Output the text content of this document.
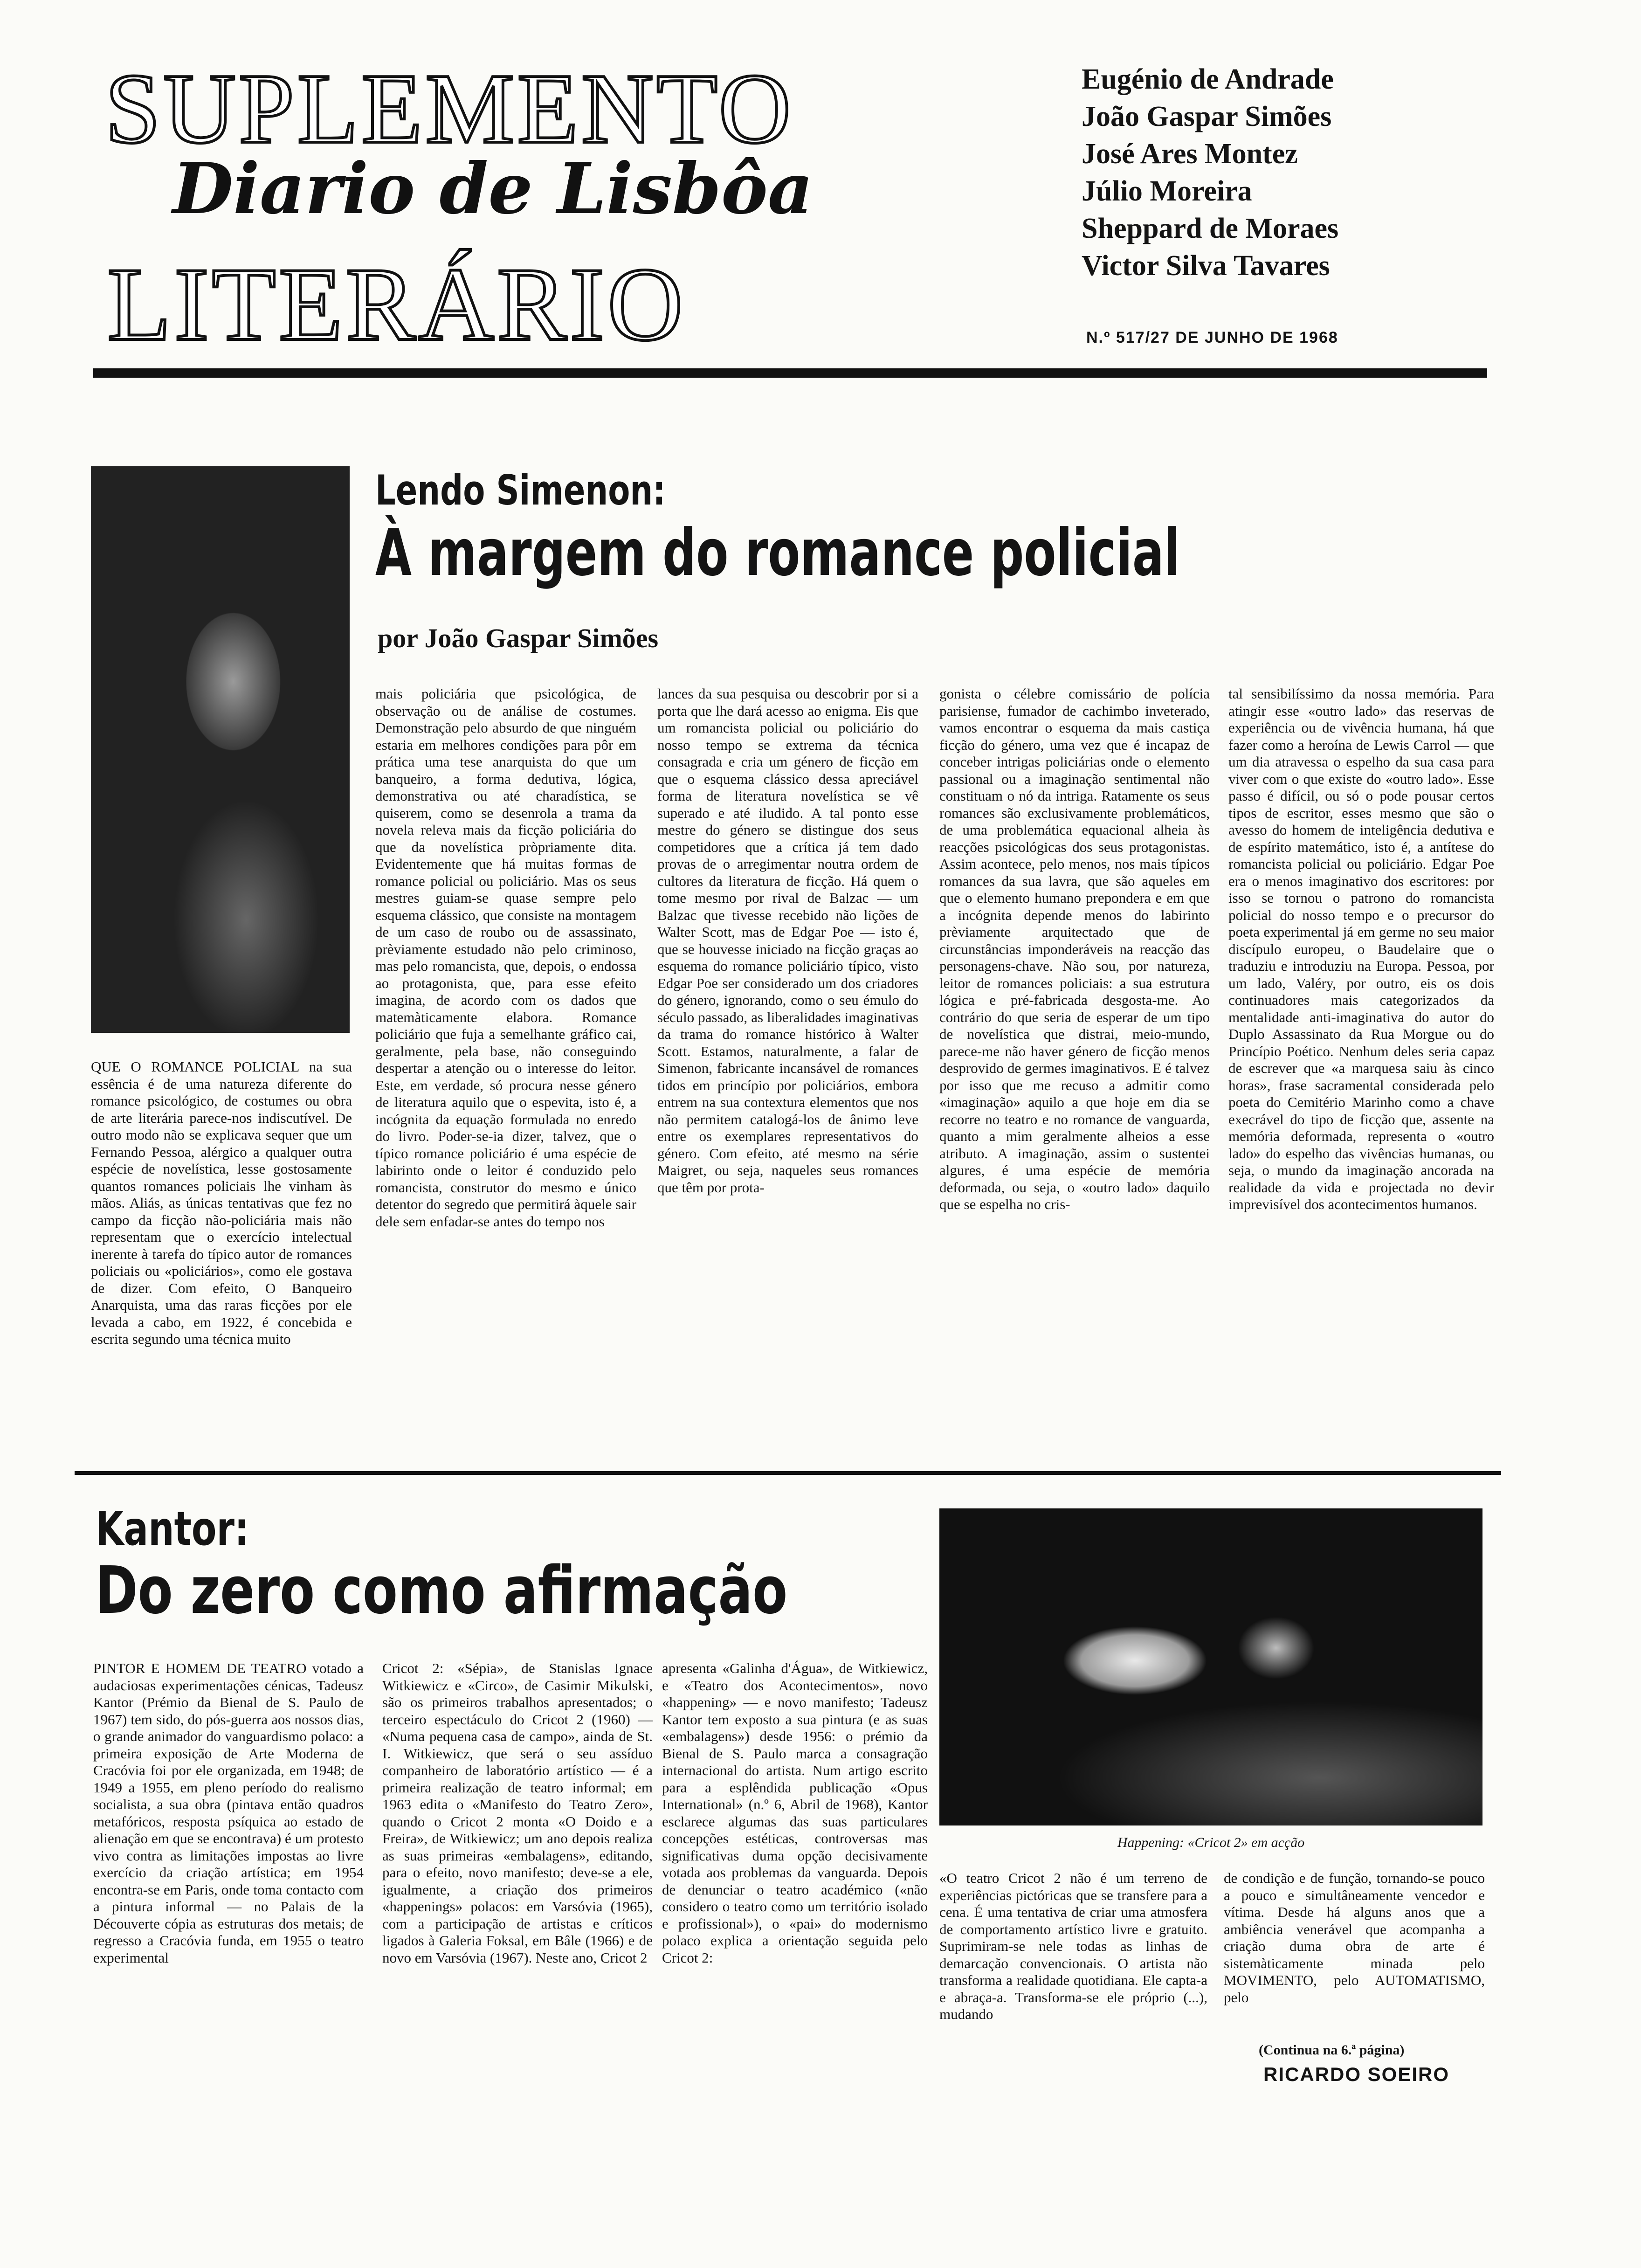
SUPLEMENTO
Diario de Lisbôa
LITERÁRIO

Eugénio de Andrade

João Gaspar Simões

José Ares Montez

Júlio Moreira

Sheppard de Moraes

Victor Silva Tavares

N.º 517/27 DE JUNHO DE 1968
Lendo Simenon:
À margem do romance policial
por João Gaspar Simões
QUE O ROMANCE POLICIAL na sua essência é de uma natureza diferente do romance psicológico, de costumes ou obra de arte literária parece-nos indiscutível. De outro modo não se explicava sequer que um Fernando Pessoa, alérgico a qualquer outra espécie de novelística, lesse gostosamente quantos romances policiais lhe vinham às mãos. Aliás, as únicas tentativas que fez no campo da ficção não-policiária mais não representam que o exercício intelectual inerente à tarefa do típico autor de romances policiais ou «policiários», como ele gostava de dizer. Com efeito, O Banqueiro Anarquista, uma das raras ficções por ele levada a cabo, em 1922, é concebida e escrita segundo uma técnica muito
mais policiária que psicológica, de observação ou de análise de costumes. Demonstração pelo absurdo de que ninguém estaria em melhores condições para pôr em prática uma tese anarquista do que um banqueiro, a forma dedutiva, lógica, demonstrativa ou até charadística, se quiserem, como se desenrola a trama da novela releva mais da ficção policiária do que da novelística pròpriamente dita. Evidentemente que há muitas formas de romance policial ou policiário. Mas os seus mestres guiam-se quase sempre pelo esquema clássico, que consiste na montagem de um caso de roubo ou de assassinato, prèviamente estudado não pelo criminoso, mas pelo romancista, que, depois, o endossa ao protagonista, que, para esse efeito imagina, de acordo com os dados que matemàticamente elabora. Romance policiário que fuja a semelhante gráfico cai, geralmente, pela base, não conseguindo despertar a atenção ou o interesse do leitor. Este, em verdade, só procura nesse género de literatura aquilo que o espevita, isto é, a incógnita da equação formulada no enredo do livro. Poder-se-ia dizer, talvez, que o típico romance policiário é uma espécie de labirinto onde o leitor é conduzido pelo romancista, construtor do mesmo e único detentor do segredo que permitirá àquele sair dele sem enfadar-se antes do tempo nos
lances da sua pesquisa ou descobrir por si a porta que lhe dará acesso ao enigma. Eis que um romancista policial ou policiário do nosso tempo se extrema da técnica consagrada e cria um género de ficção em que o esquema clássico dessa apreciável forma de literatura novelística se vê superado e até iludido. A tal ponto esse mestre do género se distingue dos seus competidores que a crítica já tem dado provas de o arregimentar noutra ordem de cultores da literatura de ficção. Há quem o tome mesmo por rival de Balzac — um Balzac que tivesse recebido não lições de Walter Scott, mas de Edgar Poe — isto é, que se houvesse iniciado na ficção graças ao esquema do romance policiário típico, visto Edgar Poe ser considerado um dos criadores do género, ignorando, como o seu émulo do século passado, as liberalidades imaginativas da trama do romance histórico à Walter Scott. Estamos, naturalmente, a falar de Simenon, fabricante incansável de romances tidos em princípio por policiários, embora entrem na sua contextura elementos que nos não permitem catalogá-los de ânimo leve entre os exemplares representativos do género. Com efeito, até mesmo na série Maigret, ou seja, naqueles seus romances que têm por prota-
gonista o célebre comissário de polícia parisiense, fumador de cachimbo inveterado, vamos encontrar o esquema da mais castiça ficção do género, uma vez que é incapaz de conceber intrigas policiárias onde o elemento passional ou a imaginação sentimental não constituam o nó da intriga. Ratamente os seus romances são exclusivamente problemáticos, de uma problemática equacional alheia às reacções psicológicas dos seus protagonistas. Assim acontece, pelo menos, nos mais típicos romances da sua lavra, que são aqueles em que o elemento humano prepondera e em que a incógnita depende menos do labirinto prèviamente arquitectado que de circunstâncias imponderáveis na reacção das personagens-chave. Não sou, por natureza, leitor de romances policiais: a sua estrutura lógica e pré-fabricada desgosta-me. Ao contrário do que seria de esperar de um tipo de novelística que distrai, meio-mundo, parece-me não haver género de ficção menos desprovido de germes imaginativos. E é talvez por isso que me recuso a admitir como «imaginação» aquilo a que hoje em dia se recorre no teatro e no romance de vanguarda, quanto a mim geralmente alheios a esse atributo. A imaginação, assim o sustentei algures, é uma espécie de memória deformada, ou seja, o «outro lado» daquilo que se espelha no cris-
tal sensibilíssimo da nossa memória. Para atingir esse «outro lado» das reservas de experiência ou de vivência humana, há que fazer como a heroína de Lewis Carrol — que um dia atravessa o espelho da sua casa para viver com o que existe do «outro lado». Esse passo é difícil, ou só o pode pousar certos tipos de escritor, esses mesmo que são o avesso do homem de inteligência dedutiva e de espírito matemático, isto é, a antítese do romancista policial ou policiário. Edgar Poe era o menos imaginativo dos escritores: por isso se tornou o patrono do romancista policial do nosso tempo e o precursor do poeta experimental já em germe no seu maior discípulo europeu, o Baudelaire que o traduziu e introduziu na Europa. Pessoa, por um lado, Valéry, por outro, eis os dois continuadores mais categorizados da mentalidade anti-imaginativa do autor do Duplo Assassinato da Rua Morgue ou do Princípio Poético. Nenhum deles seria capaz de escrever que «a marquesa saiu às cinco horas», frase sacramental considerada pelo poeta do Cemitério Marinho como a chave execrável do tipo de ficção que, assente na memória deformada, representa o «outro lado» do espelho das vivências humanas, ou seja, o mundo da imaginação ancorada na realidade da vida e projectada no devir imprevisível dos acontecimentos humanos.
Kantor:
Do zero como afirmação
Happening: «Cricot 2» em acção
PINTOR E HOMEM DE TEATRO votado a audaciosas experimentações cénicas, Tadeusz Kantor (Prémio da Bienal de S. Paulo de 1967) tem sido, do pós-guerra aos nossos dias, o grande animador do vanguardismo polaco: a primeira exposição de Arte Moderna de Cracóvia foi por ele organizada, em 1948; de 1949 a 1955, em pleno período do realismo socialista, a sua obra (pintava então quadros metafóricos, resposta psíquica ao estado de alienação em que se encontrava) é um protesto vivo contra as limitações impostas ao livre exercício da criação artística; em 1954 encontra-se em Paris, onde toma contacto com a pintura informal — no Palais de la Découverte cópia as estruturas dos metais; de regresso a Cracóvia funda, em 1955 o teatro experimental
Cricot 2: «Sépia», de Stanislas Ignace Witkiewicz e «Circo», de Casimir Mikulski, são os primeiros trabalhos apresentados; o terceiro espectáculo do Cricot 2 (1960) — «Numa pequena casa de campo», ainda de St. I. Witkiewicz, que será o seu assíduo companheiro de laboratório artístico — é a primeira realização de teatro informal; em 1963 edita o «Manifesto do Teatro Zero», quando o Cricot 2 monta «O Doido e a Freira», de Witkiewicz; um ano depois realiza as suas primeiras «embalagens», editando, para o efeito, novo manifesto; deve-se a ele, igualmente, a criação dos primeiros «happenings» polacos: em Varsóvia (1965), com a participação de artistas e críticos ligados à Galeria Foksal, em Bâle (1966) e de novo em Varsóvia (1967). Neste ano, Cricot 2
apresenta «Galinha d'Água», de Witkiewicz, e «Teatro dos Acontecimentos», novo «happening» — e novo manifesto; Tadeusz Kantor tem exposto a sua pintura (e as suas «embalagens») desde 1956: o prémio da Bienal de S. Paulo marca a consagração internacional do artista. Num artigo escrito para a esplêndida publicação «Opus International» (n.º 6, Abril de 1968), Kantor esclarece algumas das suas particulares concepções estéticas, controversas mas significativas duma opção decisivamente votada aos problemas da vanguarda. Depois de denunciar o teatro académico («não considero o teatro como um território isolado e profissional»), o «pai» do modernismo polaco explica a orientação seguida pelo Cricot 2:
«O teatro Cricot 2 não é um terreno de experiências pictóricas que se transfere para a cena. É uma tentativa de criar uma atmosfera de comportamento artístico livre e gratuito. Suprimiram-se nele todas as linhas de demarcação convencionais. O artista não transforma a realidade quotidiana. Ele capta-a e abraça-a. Transforma-se ele próprio (...), mudando
de condição e de função, tornando-se pouco a pouco e simultâneamente vencedor e vítima. Desde há alguns anos que a ambiência venerável que acompanha a criação duma obra de arte é sistemàticamente minada pelo MOVIMENTO, pelo AUTOMATISMO, pelo
(Continua na 6.ª página)
RICARDO SOEIRO
